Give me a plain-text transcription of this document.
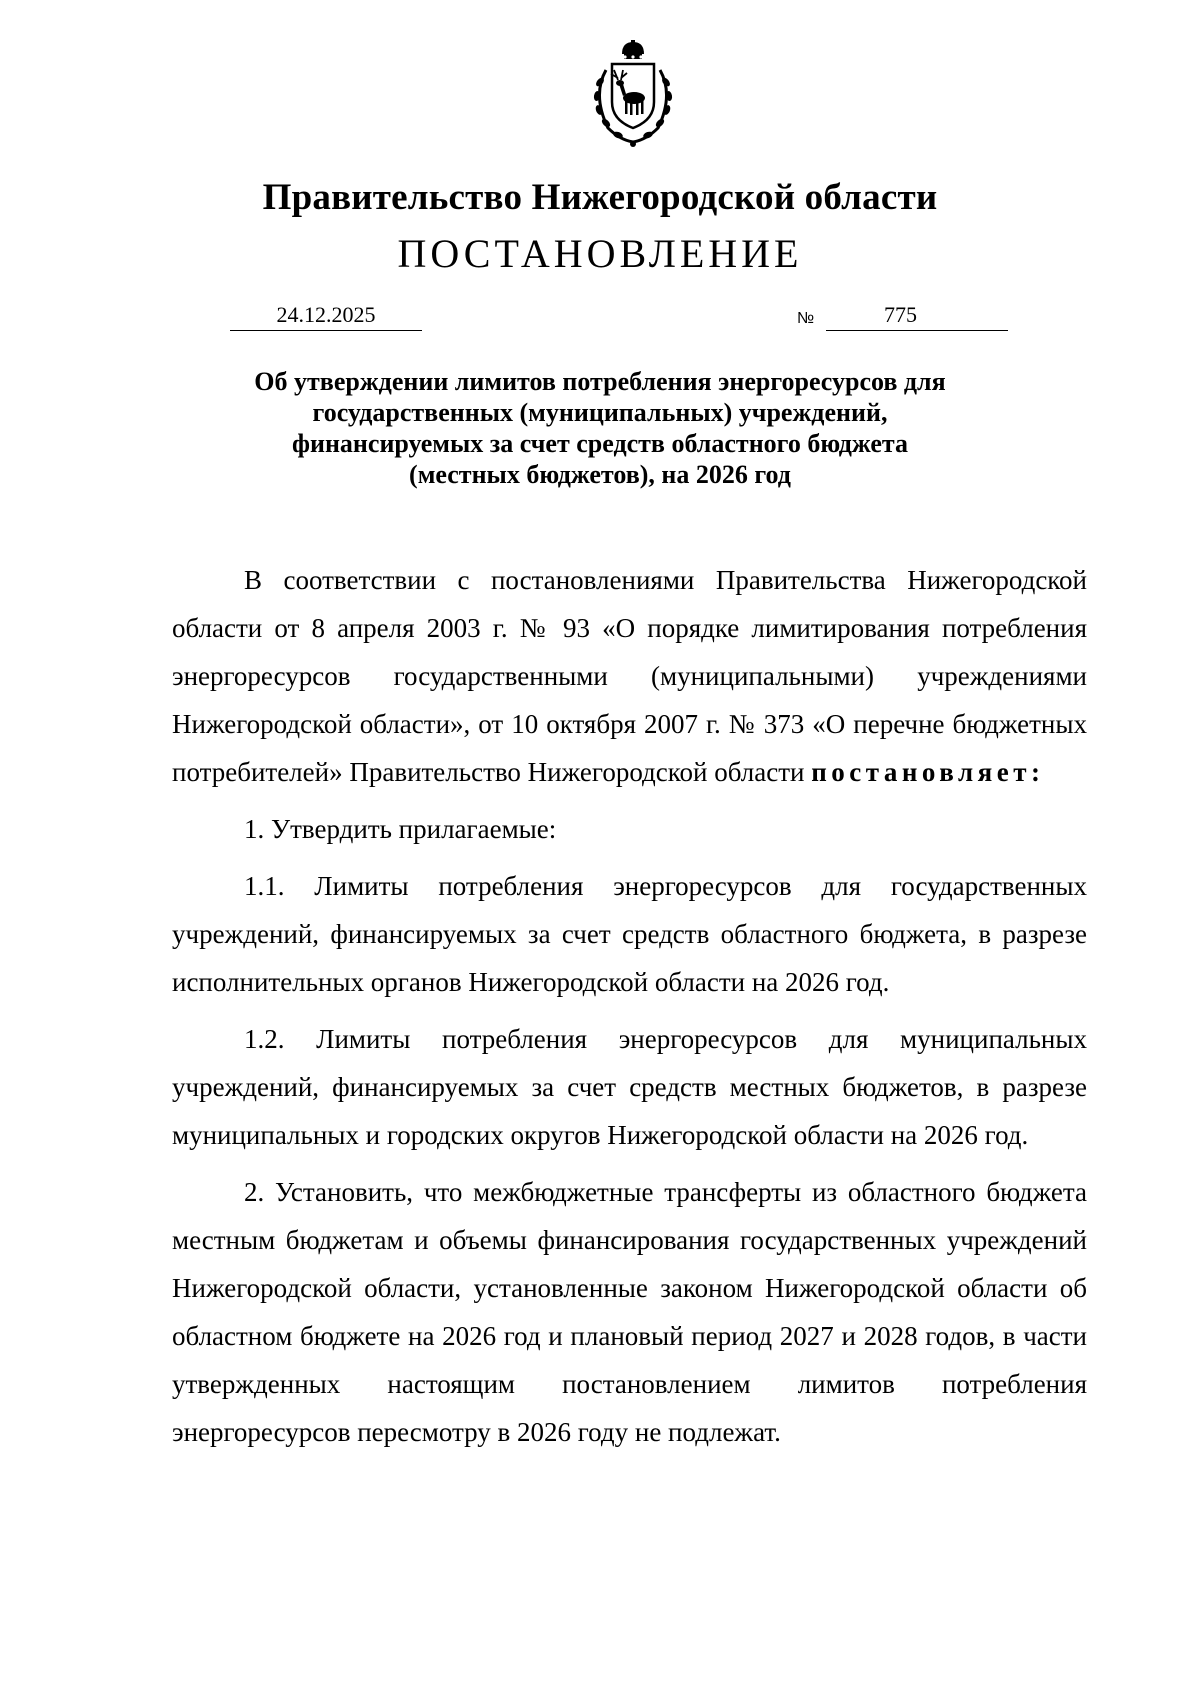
Правительство Нижегородской области
ПОСТАНОВЛЕНИЕ
24.12.2025	№	775
Об утверждении лимитов потребления энергоресурсов для
государственных (муниципальных) учреждений,
финансируемых за счет средств областного бюджета
(местных бюджетов), на 2026 год

В соответствии с постановлениями Правительства Нижегородской области от 8 апреля 2003 г. № 93 «О порядке лимитирования потребления энергоресурсов государственными (муниципальными) учреждениями Нижегородской области», от 10 октября 2007 г. № 373 «О перечне бюджетных потребителей» Правительство Нижегородской области постановляет:

1. Утвердить прилагаемые:

1.1. Лимиты потребления энергоресурсов для государственных учреждений, финансируемых за счет средств областного бюджета, в разрезе исполнительных органов Нижегородской области на 2026 год.

1.2. Лимиты потребления энергоресурсов для муниципальных учреждений, финансируемых за счет средств местных бюджетов, в разрезе муниципальных и городских округов Нижегородской области на 2026 год.

2. Установить, что межбюджетные трансферты из областного бюджета местным бюджетам и объемы финансирования государственных учреждений Нижегородской области, установленные законом Нижегородской области об областном бюджете на 2026 год и плановый период 2027 и 2028 годов, в части утвержденных настоящим постановлением лимитов потребления энергоресурсов пересмотру в 2026 году не подлежат.
